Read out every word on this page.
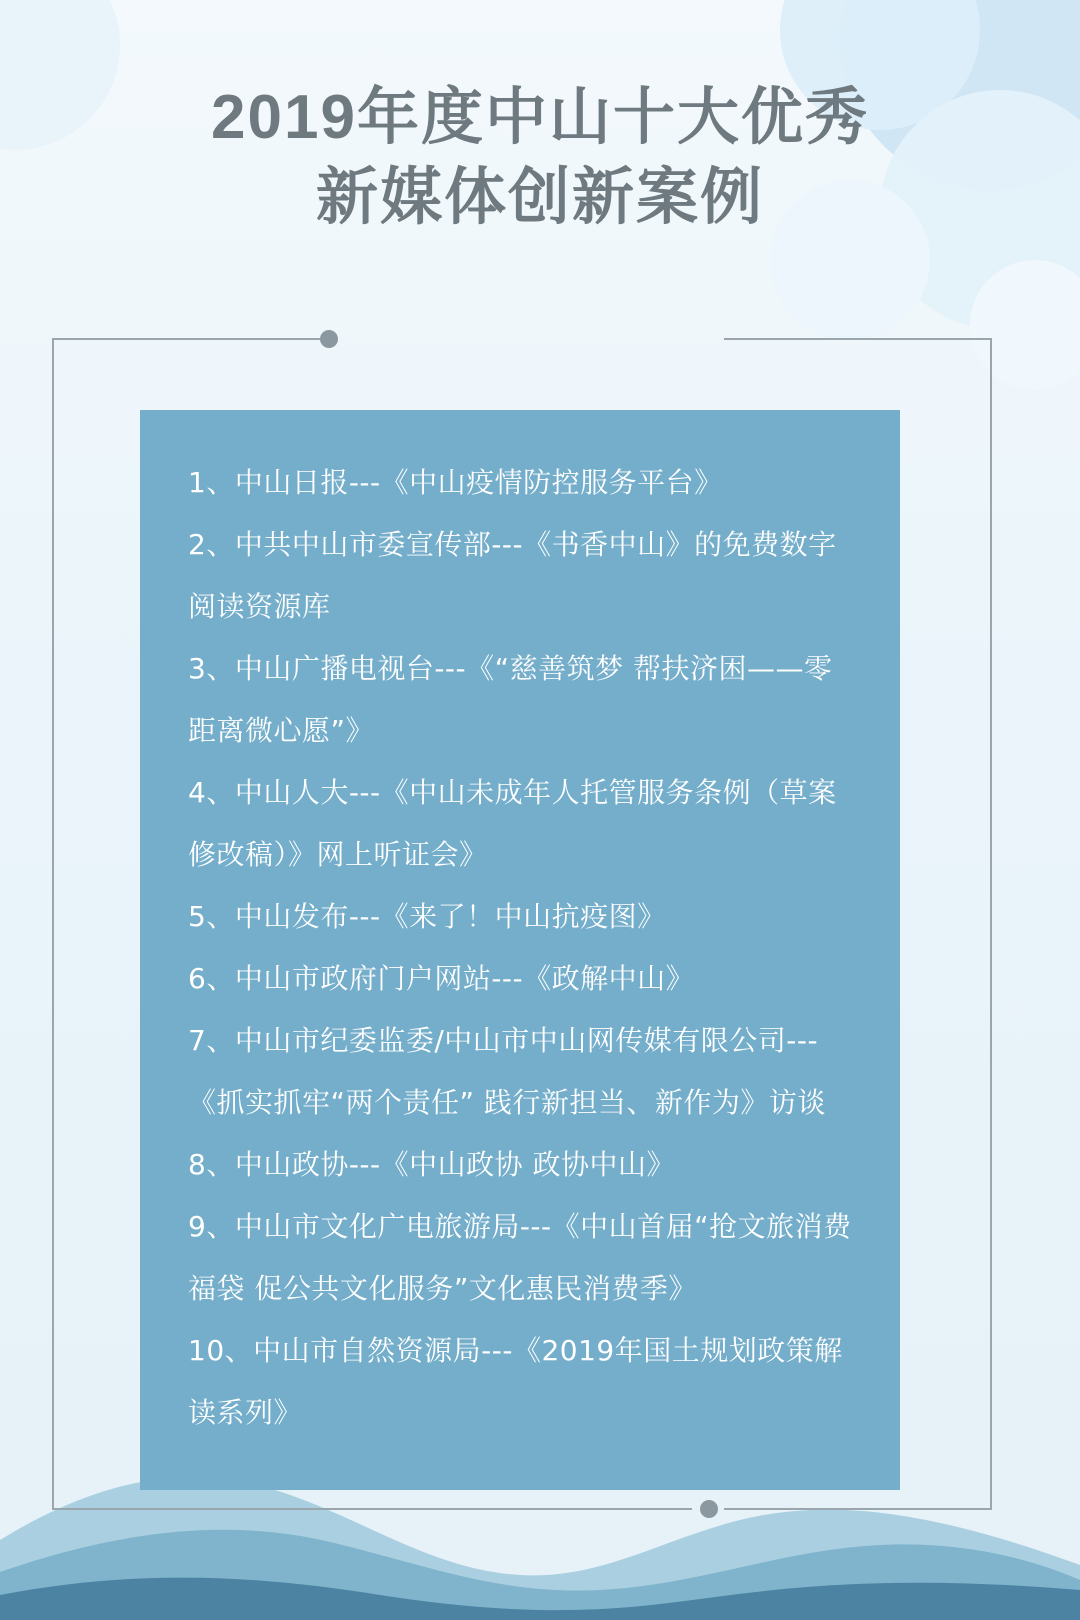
2019年度中山十大优秀
新媒体创新案例
1、中山日报---《中山疫情防控服务平台》
2、中共中山市委宣传部---《书香中山》的免费数字阅读资源库
3、中山广播电视台---《“慈善筑梦 帮扶济困——零距离微心愿”》
4、中山人大---《中山未成年人托管服务条例（草案修改稿）》网上听证会》
5、中山发布---《来了！中山抗疫图》
6、中山市政府门户网站---《政解中山》
7、中山市纪委监委/中山市中山网传媒有限公司---《抓实抓牢“两个责任” 践行新担当、新作为》访谈
8、中山政协---《中山政协 政协中山》
9、中山市文化广电旅游局---《中山首届“抢文旅消费福袋 促公共文化服务”文化惠民消费季》
10、中山市自然资源局---《2019年国土规划政策解读系列》
